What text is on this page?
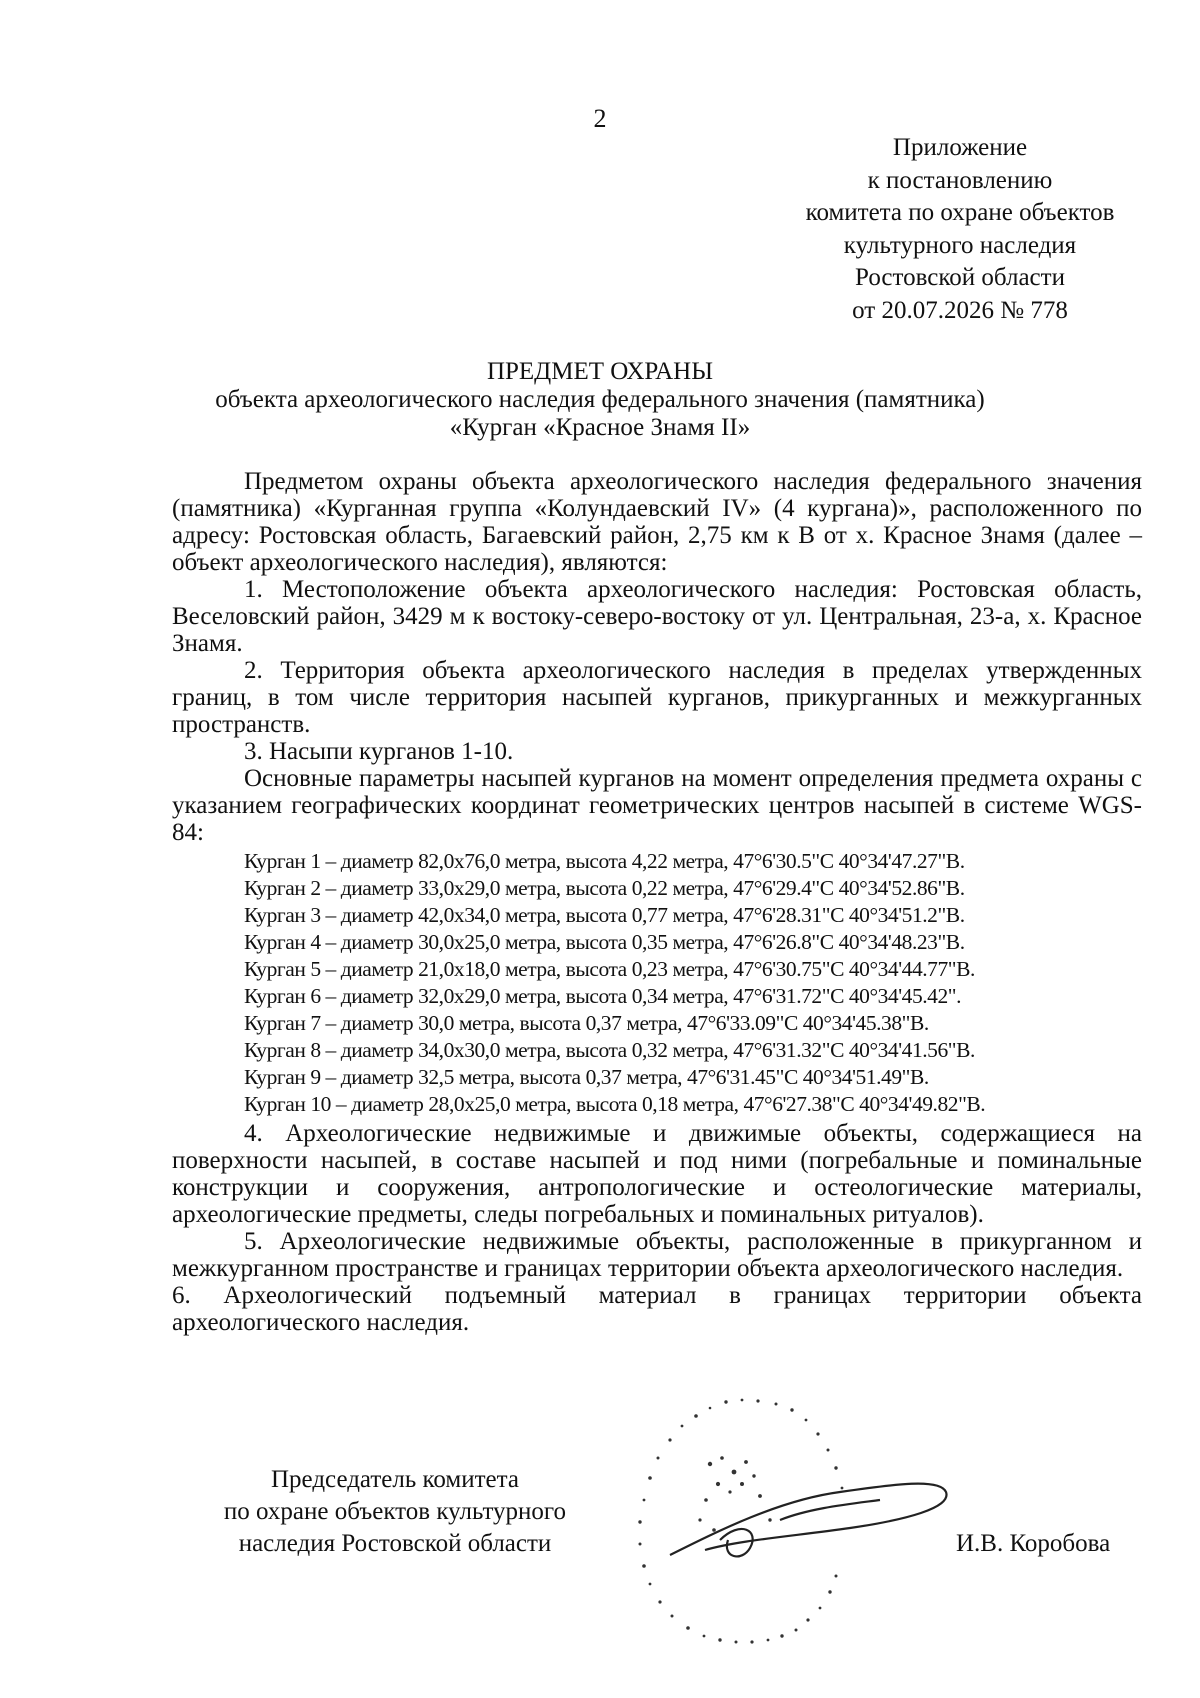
2
Приложение
к постановлению
комитета по охране объектов
культурного наследия
Ростовской области
от 20.07.2026 № 778
ПРЕДМЕТ ОХРАНЫ
объекта археологического наследия федерального значения (памятника)
«Курган «Красное Знамя II»

Предметом охраны объекта археологического наследия федерального значения (памятника) «Курганная группа «Колундаевский IV» (4 кургана)», расположенного по адресу: Ростовская область, Багаевский район, 2,75 км к В от х. Красное Знамя (далее – объект археологического наследия), являются:

1. Местоположение объекта археологического наследия: Ростовская область, Веселовский район, 3429 м к востоку-северо-востоку от ул. Центральная, 23-а, х. Красное Знамя.

2. Территория объекта археологического наследия в пределах утвержденных границ, в том числе территория насыпей курганов, прикурганных и межкурганных пространств.

3. Насыпи курганов 1-10.

Основные параметры насыпей курганов на момент определения предмета охраны с указанием географических координат геометрических центров насыпей в системе WGS-84:

Курган 1 – диаметр 82,0х76,0 метра, высота 4,22 метра, 47°6'30.5"С 40°34'47.27"В.
Курган 2 – диаметр 33,0х29,0 метра, высота 0,22 метра, 47°6'29.4"С 40°34'52.86"В.
Курган 3 – диаметр 42,0х34,0 метра, высота 0,77 метра, 47°6'28.31"С 40°34'51.2"В.
Курган 4 – диаметр 30,0х25,0 метра, высота 0,35 метра, 47°6'26.8"С 40°34'48.23"В.
Курган 5 – диаметр 21,0х18,0 метра, высота 0,23 метра, 47°6'30.75"С 40°34'44.77"В.
Курган 6 – диаметр 32,0х29,0 метра, высота 0,34 метра, 47°6'31.72"С 40°34'45.42".
Курган 7 – диаметр 30,0 метра, высота 0,37 метра, 47°6'33.09"С 40°34'45.38"В.
Курган 8 – диаметр 34,0х30,0 метра, высота 0,32 метра, 47°6'31.32"С 40°34'41.56"В.
Курган 9 – диаметр 32,5 метра, высота 0,37 метра, 47°6'31.45"С 40°34'51.49"В.
Курган 10 – диаметр 28,0х25,0 метра, высота 0,18 метра, 47°6'27.38"С 40°34'49.82"В.

4. Археологические недвижимые и движимые объекты, содержащиеся на поверхности насыпей, в составе насыпей и под ними (погребальные и поминальные конструкции и сооружения, антропологические и остеологические материалы, археологические предметы, следы погребальных и поминальных ритуалов).

5. Археологические недвижимые объекты, расположенные в прикурганном и межкурганном пространстве и границах территории объекта археологического наследия.

6. Археологический подъемный материал в границах территории объекта археологического наследия.

Председатель комитета
по охране объектов культурного
наследия Ростовской области	И.В. Коробова
